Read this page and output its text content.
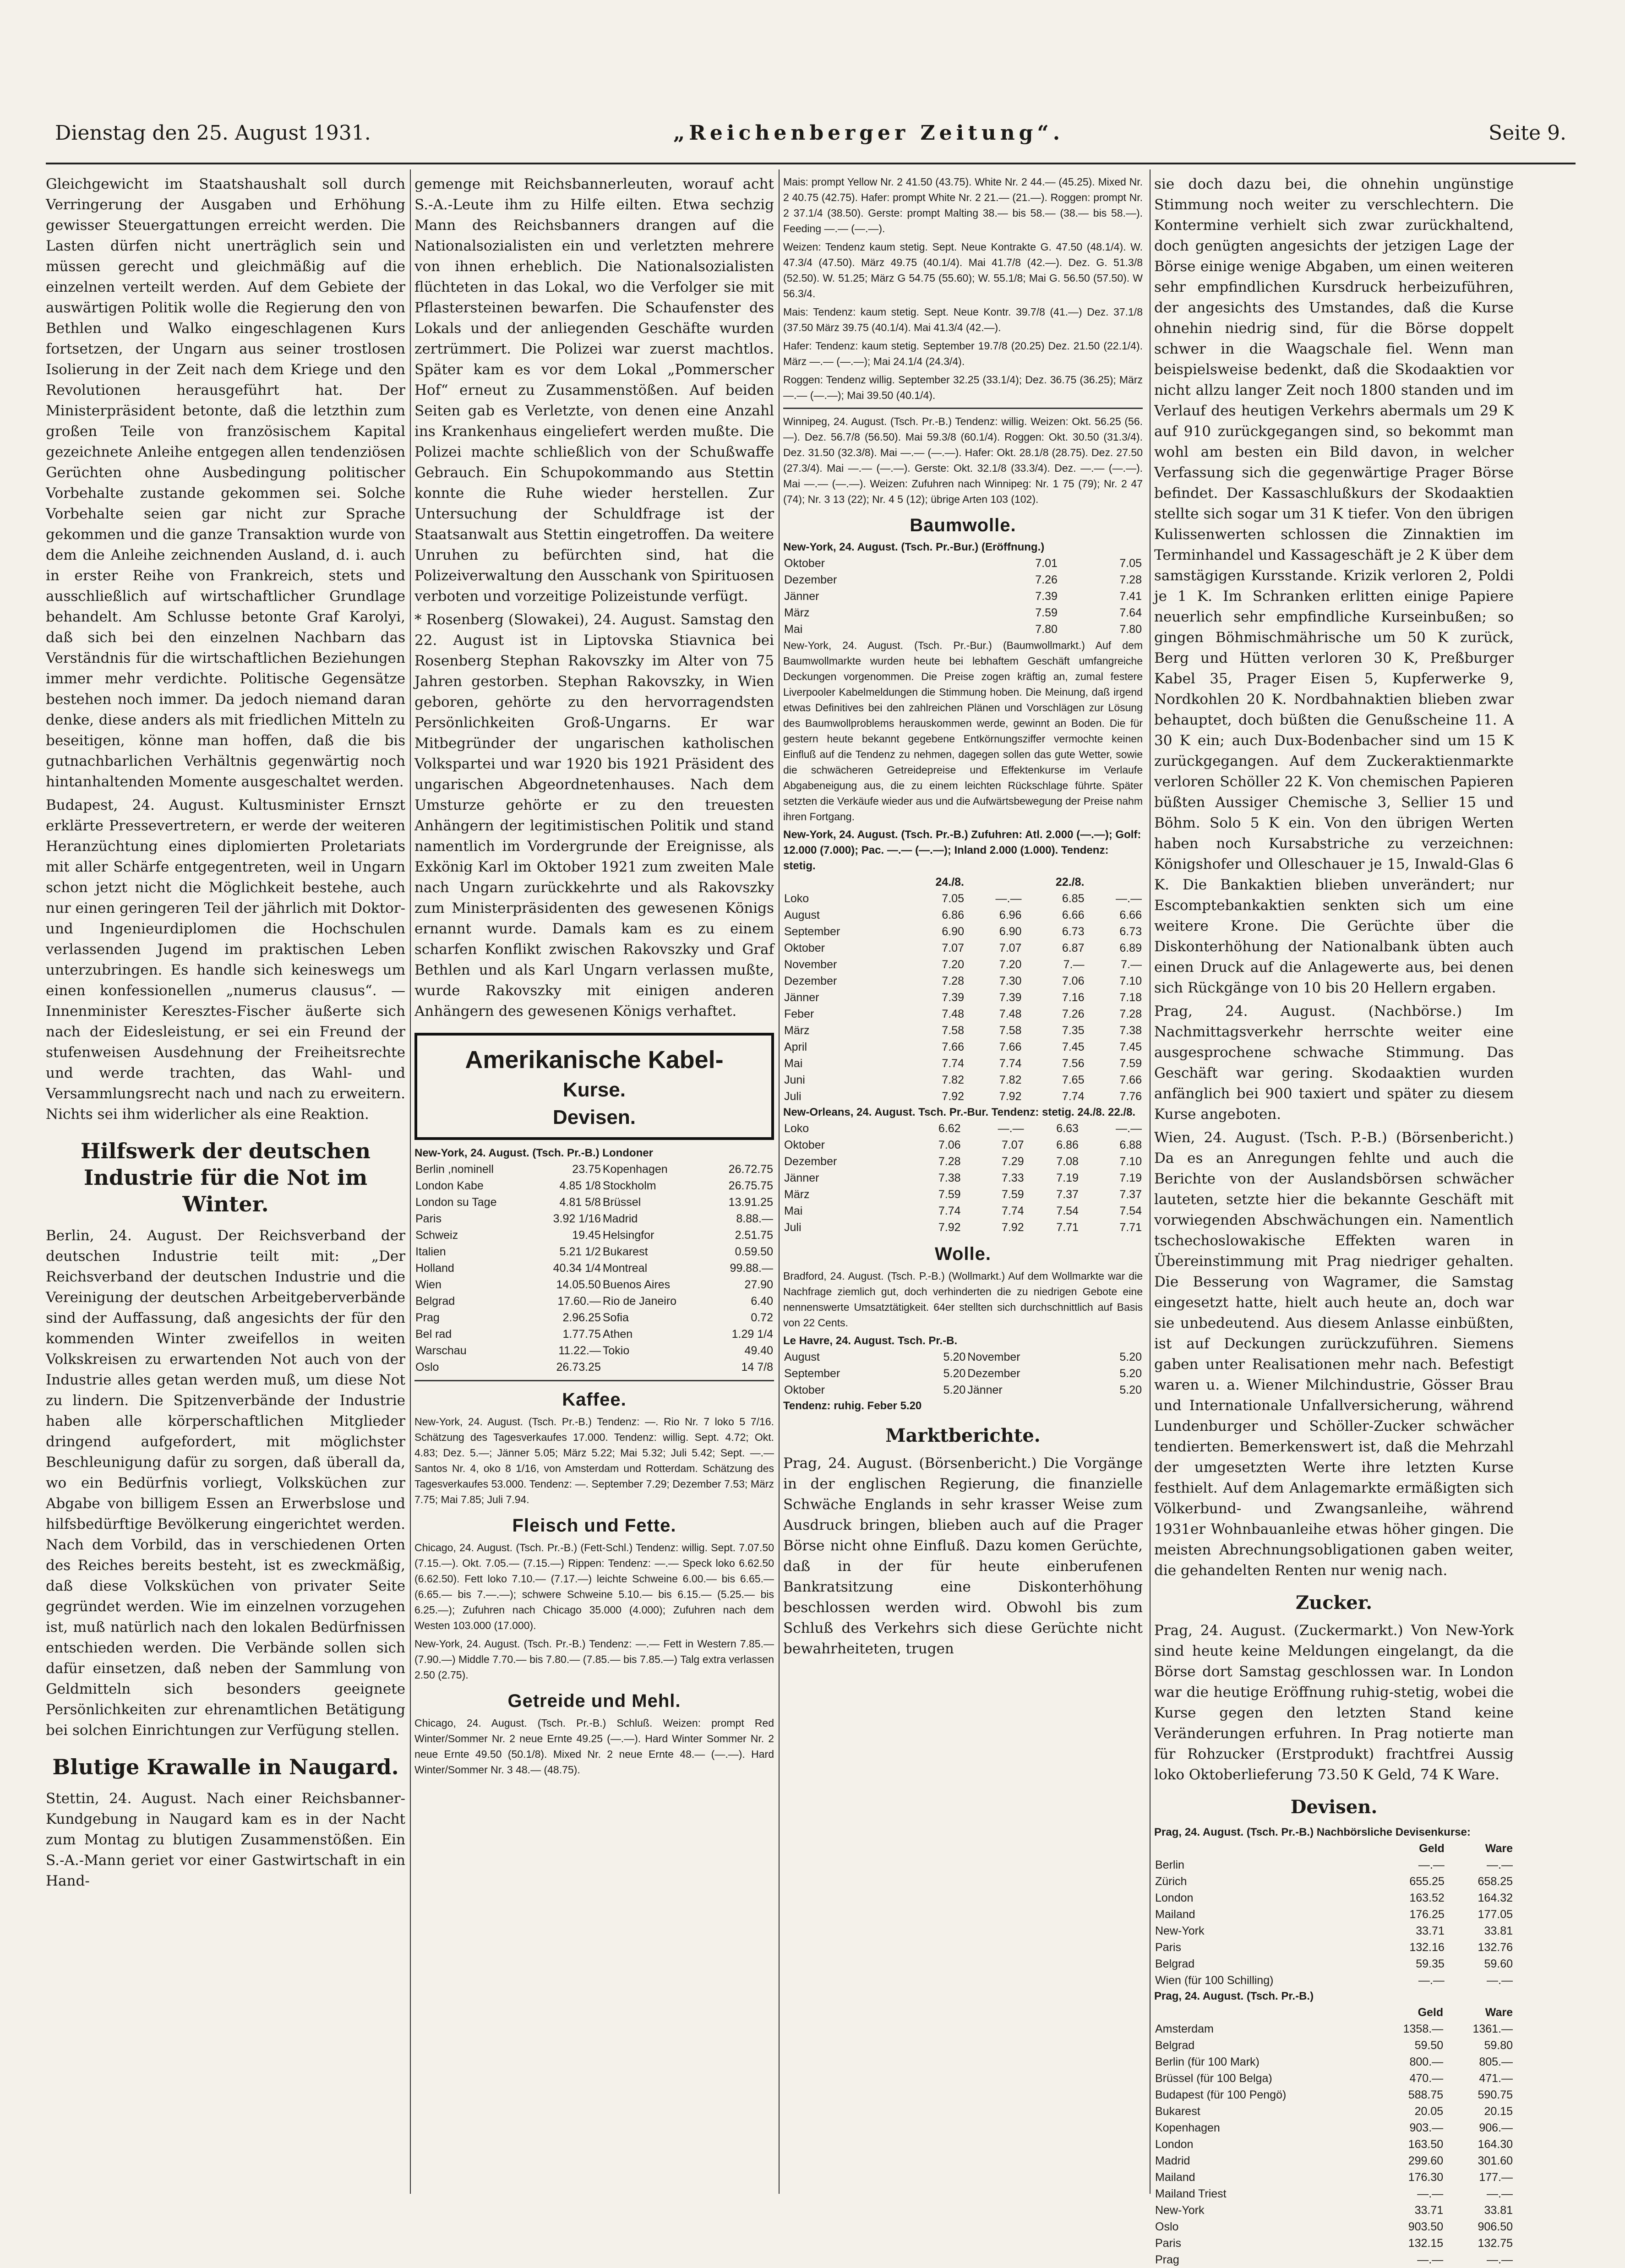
Dienstag den 25. August 1931.	„Reichenberger Zeitung“.	Seite 9.

Gleichgewicht im Staatshaushalt soll durch Verringerung der Ausgaben und Erhöhung gewisser Steuergattungen erreicht werden. Die Lasten dürfen nicht unerträglich sein und müssen gerecht und gleichmäßig auf die einzelnen verteilt werden. Auf dem Gebiete der auswärtigen Politik wolle die Regierung den von Bethlen und Walko eingeschlagenen Kurs fortsetzen, der Ungarn aus seiner trostlosen Isolierung in der Zeit nach dem Kriege und den Revolutionen herausgeführt hat. Der Ministerpräsident betonte, daß die letzthin zum großen Teile von französischem Kapital gezeichnete Anleihe entgegen allen tendenziösen Gerüchten ohne Ausbedingung politischer Vorbehalte zustande gekommen sei. Solche Vorbehalte seien gar nicht zur Sprache gekommen und die ganze Transaktion wurde von dem die Anleihe zeichnenden Ausland, d. i. auch in erster Reihe von Frankreich, stets und ausschließlich auf wirtschaftlicher Grundlage behandelt. Am Schlusse betonte Graf Karolyi, daß sich bei den einzelnen Nachbarn das Verständnis für die wirtschaftlichen Beziehungen immer mehr verdichte. Politische Gegensätze bestehen noch immer. Da jedoch niemand daran denke, diese anders als mit friedlichen Mitteln zu beseitigen, könne man hoffen, daß die bis gutnachbarlichen Verhältnis gegenwärtig noch hintanhaltenden Momente ausgeschaltet werden.

Budapest, 24. August. Kultusminister Ernszt erklärte Pressevertretern, er werde der weiteren Heranzüchtung eines diplomierten Proletariats mit aller Schärfe entgegentreten, weil in Ungarn schon jetzt nicht die Möglichkeit bestehe, auch nur einen geringeren Teil der jährlich mit Doktor- und Ingenieurdiplomen die Hochschulen verlassenden Jugend im praktischen Leben unterzubringen. Es handle sich keineswegs um einen konfessionellen „numerus clausus“. — Innenminister Keresztes-Fischer äußerte sich nach der Eidesleistung, er sei ein Freund der stufenweisen Ausdehnung der Freiheitsrechte und werde trachten, das Wahl- und Versammlungsrecht nach und nach zu erweitern. Nichts sei ihm widerlicher als eine Reaktion.

Hilfswerk der deutschen Industrie für die Not im Winter.

Berlin, 24. August. Der Reichsverband der deutschen Industrie teilt mit: „Der Reichsverband der deutschen Industrie und die Vereinigung der deutschen Arbeitgeberverbände sind der Auffassung, daß angesichts der für den kommenden Winter zweifellos in weiten Volkskreisen zu erwartenden Not auch von der Industrie alles getan werden muß, um diese Not zu lindern. Die Spitzenverbände der Industrie haben alle körperschaftlichen Mitglieder dringend aufgefordert, mit möglichster Beschleunigung dafür zu sorgen, daß überall da, wo ein Bedürfnis vorliegt, Volksküchen zur Abgabe von billigem Essen an Erwerbslose und hilfsbedürftige Bevölkerung eingerichtet werden. Nach dem Vorbild, das in verschiedenen Orten des Reiches bereits besteht, ist es zweckmäßig, daß diese Volksküchen von privater Seite gegründet werden. Wie im einzelnen vorzugehen ist, muß natürlich nach den lokalen Bedürfnissen entschieden werden. Die Verbände sollen sich dafür einsetzen, daß neben der Sammlung von Geldmitteln sich besonders geeignete Persönlichkeiten zur ehrenamtlichen Betätigung bei solchen Einrichtungen zur Verfügung stellen.

Blutige Krawalle in Naugard.

Stettin, 24. August. Nach einer Reichsbanner-Kundgebung in Naugard kam es in der Nacht zum Montag zu blutigen Zusammenstößen. Ein S.-A.-Mann geriet vor einer Gastwirtschaft in ein Hand-

gemenge mit Reichsbannerleuten, worauf acht S.-A.-Leute ihm zu Hilfe eilten. Etwa sechzig Mann des Reichsbanners drangen auf die Nationalsozialisten ein und verletzten mehrere von ihnen erheblich. Die Nationalsozialisten flüchteten in das Lokal, wo die Verfolger sie mit Pflastersteinen bewarfen. Die Schaufenster des Lokals und der anliegenden Geschäfte wurden zertrümmert. Die Polizei war zuerst machtlos. Später kam es vor dem Lokal „Pommerscher Hof“ erneut zu Zusammenstößen. Auf beiden Seiten gab es Verletzte, von denen eine Anzahl ins Krankenhaus eingeliefert werden mußte. Die Polizei machte schließlich von der Schußwaffe Gebrauch. Ein Schupokommando aus Stettin konnte die Ruhe wieder herstellen. Zur Untersuchung der Schuldfrage ist der Staatsanwalt aus Stettin eingetroffen. Da weitere Unruhen zu befürchten sind, hat die Polizeiverwaltung den Ausschank von Spirituosen verboten und vorzeitige Polizeistunde verfügt.

* Rosenberg (Slowakei), 24. August. Samstag den 22. August ist in Liptovska Stiavnica bei Rosenberg Stephan Rakovszky im Alter von 75 Jahren gestorben. Stephan Rakovszky, in Wien geboren, gehörte zu den hervorragendsten Persönlichkeiten Groß-Ungarns. Er war Mitbegründer der ungarischen katholischen Volkspartei und war 1920 bis 1921 Präsident des ungarischen Abgeordnetenhauses. Nach dem Umsturze gehörte er zu den treuesten Anhängern der legitimistischen Politik und stand namentlich im Vordergrunde der Ereignisse, als Exkönig Karl im Oktober 1921 zum zweiten Male nach Ungarn zurückkehrte und als Rakovszky zum Ministerpräsidenten des gewesenen Königs ernannt wurde. Damals kam es zu einem scharfen Konflikt zwischen Rakovszky und Graf Bethlen und als Karl Ungarn verlassen mußte, wurde Rakovszky mit einigen anderen Anhängern des gewesenen Königs verhaftet.

Amerikanische Kabel-
Kurse.
Devisen.
New-York, 24. August. (Tsch. Pr.-B.) Londoner
Berlin ,nominell	23.75	Kopenhagen	26.72.75
London Kabe	4.85 1/8	Stockholm	26.75.75
London su Tage	4.81 5/8	Brüssel	13.91.25
Paris	3.92 1/16	Madrid	8.88.—
Schweiz	19.45	Helsingfor	2.51.75
Italien	5.21 1/2	Bukarest	0.59.50
Holland	40.34 1/4	Montreal	99.88.—
Wien	14.05.50	Buenos Aires	27.90
Belgrad	17.60.—	Rio de Janeiro	6.40
Prag	2.96.25	Sofia	0.72
Bel rad	1.77.75	Athen	1.29 1/4
Warschau	11.22.—	Tokio	49.40
Oslo	26.73.25		14 7/8
Kaffee.

New-York, 24. August. (Tsch. Pr.-B.) Tendenz: —. Rio Nr. 7 loko 5 7/16. Schätzung des Tagesverkaufes 17.000. Tendenz: willig. Sept. 4.72; Okt. 4.83; Dez. 5.—; Jänner 5.05; März 5.22; Mai 5.32; Juli 5.42; Sept. —.— Santos Nr. 4, oko 8 1/16, von Amsterdam und Rotterdam. Schätzung des Tagesverkaufes 53.000. Tendenz: —. September 7.29; Dezember 7.53; März 7.75; Mai 7.85; Juli 7.94.

Fleisch und Fette.

Chicago, 24. August. (Tsch. Pr.-B.) (Fett-Schl.) Tendenz: willig. Sept. 7.07.50 (7.15.—). Okt. 7.05.— (7.15.—) Rippen: Tendenz: —.— Speck loko 6.62.50 (6.62.50). Fett loko 7.10.— (7.17.—) leichte Schweine 6.00.— bis 6.65.— (6.65.— bis 7.—.—); schwere Schweine 5.10.— bis 6.15.— (5.25.— bis 6.25.—); Zufuhren nach Chicago 35.000 (4.000); Zufuhren nach dem Westen 103.000 (17.000).

New-York, 24. August. (Tsch. Pr.-B.) Tendenz: —.— Fett in Western 7.85.— (7.90.—) Middle 7.70.— bis 7.80.— (7.85.— bis 7.85.—) Talg extra verlassen 2.50 (2.75).

Getreide und Mehl.

Chicago, 24. August. (Tsch. Pr.-B.) Schluß. Weizen: prompt Red Winter/Sommer Nr. 2 neue Ernte 49.25 (—.—). Hard Winter Sommer Nr. 2 neue Ernte 49.50 (50.1/8). Mixed Nr. 2 neue Ernte 48.— (—.—). Hard Winter/Sommer Nr. 3 48.— (48.75).

Mais: prompt Yellow Nr. 2 41.50 (43.75). White Nr. 2 44.— (45.25). Mixed Nr. 2 40.75 (42.75). Hafer: prompt White Nr. 2 21.— (21.—). Roggen: prompt Nr. 2 37.1/4 (38.50). Gerste: prompt Malting 38.— bis 58.— (38.— bis 58.—). Feeding —.— (—.—).

Weizen: Tendenz kaum stetig. Sept. Neue Kontrakte G. 47.50 (48.1/4). W. 47.3/4 (47.50). März 49.75 (40.1/4). Mai 41.7/8 (42.—). Dez. G. 51.3/8 (52.50). W. 51.25; März G 54.75 (55.60); W. 55.1/8; Mai G. 56.50 (57.50). W 56.3/4.

Mais: Tendenz: kaum stetig. Sept. Neue Kontr. 39.7/8 (41.—) Dez. 37.1/8 (37.50 März 39.75 (40.1/4). Mai 41.3/4 (42.—).

Hafer: Tendenz: kaum stetig. September 19.7/8 (20.25) Dez. 21.50 (22.1/4). März —.— (—.—); Mai 24.1/4 (24.3/4).

Roggen: Tendenz willig. September 32.25 (33.1/4); Dez. 36.75 (36.25); März —.— (—.—); Mai 39.50 (40.1/4).

Winnipeg, 24. August. (Tsch. Pr.-B.) Tendenz: willig. Weizen: Okt. 56.25 (56.—). Dez. 56.7/8 (56.50). Mai 59.3/8 (60.1/4). Roggen: Okt. 30.50 (31.3/4). Dez. 31.50 (32.3/8). Mai —.— (—.—). Hafer: Okt. 28.1/8 (28.75). Dez. 27.50 (27.3/4). Mai —.— (—.—). Gerste: Okt. 32.1/8 (33.3/4). Dez. —.— (—.—). Mai —.— (—.—). Weizen: Zufuhren nach Winnipeg: Nr. 1 75 (79); Nr. 2 47 (74); Nr. 3 13 (22); Nr. 4 5 (12); übrige Arten 103 (102).

Baumwolle.
New-York, 24. August. (Tsch. Pr.-Bur.) (Eröffnung.)
Oktober	7.01	7.05
Dezember	7.26	7.28
Jänner	7.39	7.41
März	7.59	7.64
Mai	7.80	7.80

New-York, 24. August. (Tsch. Pr.-Bur.) (Baumwollmarkt.) Auf dem Baumwollmarkte wurden heute bei lebhaftem Geschäft umfangreiche Deckungen vorgenommen. Die Preise zogen kräftig an, zumal festere Liverpooler Kabelmeldungen die Stimmung hoben. Die Meinung, daß irgend etwas Definitives bei den zahlreichen Plänen und Vorschlägen zur Lösung des Baumwollproblems herauskommen werde, gewinnt an Boden. Die für gestern heute bekannt gegebene Entkörnungsziffer vermochte keinen Einfluß auf die Tendenz zu nehmen, dagegen sollen das gute Wetter, sowie die schwächeren Getreidepreise und Effektenkurse im Verlaufe Abgabeneigung aus, die zu einem leichten Rückschlage führte. Später setzten die Verkäufe wieder aus und die Aufwärtsbewegung der Preise nahm ihren Fortgang.

New-York, 24. August. (Tsch. Pr.-B.) Zufuhren: Atl. 2.000 (—.—); Golf: 12.000 (7.000); Pac. —.— (—.—); Inland 2.000 (1.000). Tendenz: stetig.
	24./8.		22./8.	
Loko	7.05	—.—	6.85	—.—
August	6.86	6.96	6.66	6.66
September	6.90	6.90	6.73	6.73
Oktober	7.07	7.07	6.87	6.89
November	7.20	7.20	7.—	7.—
Dezember	7.28	7.30	7.06	7.10
Jänner	7.39	7.39	7.16	7.18
Feber	7.48	7.48	7.26	7.28
März	7.58	7.58	7.35	7.38
April	7.66	7.66	7.45	7.45
Mai	7.74	7.74	7.56	7.59
Juni	7.82	7.82	7.65	7.66
Juli	7.92	7.92	7.74	7.76
New-Orleans, 24. August. Tsch. Pr.-Bur. Tendenz: stetig. 24./8. 22./8.
Loko	6.62	—.—	6.63	—.—
Oktober	7.06	7.07	6.86	6.88
Dezember	7.28	7.29	7.08	7.10
Jänner	7.38	7.33	7.19	7.19
März	7.59	7.59	7.37	7.37
Mai	7.74	7.74	7.54	7.54
Juli	7.92	7.92	7.71	7.71
Wolle.

Bradford, 24. August. (Tsch. P.-B.) (Wollmarkt.) Auf dem Wollmarkte war die Nachfrage ziemlich gut, doch verhinderten die zu niedrigen Gebote eine nennenswerte Umsatztätigkeit. 64er stellten sich durchschnittlich auf Basis von 22 Cents.

Le Havre, 24. August. Tsch. Pr.-B.
August	5.20	November	5.20
September	5.20	Dezember	5.20
Oktober	5.20	Jänner	5.20
Tendenz: ruhig. Feber 5.20
Marktberichte.

Prag, 24. August. (Börsenbericht.) Die Vorgänge in der englischen Regierung, die finanzielle Schwäche Englands in sehr krasser Weise zum Ausdruck bringen, blieben auch auf die Prager Börse nicht ohne Einfluß. Dazu komen Gerüchte, daß in der für heute einberufenen Bankratsitzung eine Diskonterhöhung beschlossen werden wird. Obwohl bis zum Schluß des Verkehrs sich diese Gerüchte nicht bewahrheiteten, trugen

sie doch dazu bei, die ohnehin ungünstige Stimmung noch weiter zu verschlechtern. Die Kontermine verhielt sich zwar zurückhaltend, doch genügten angesichts der jetzigen Lage der Börse einige wenige Abgaben, um einen weiteren sehr empfindlichen Kursdruck herbeizuführen, der angesichts des Umstandes, daß die Kurse ohnehin niedrig sind, für die Börse doppelt schwer in die Waagschale fiel. Wenn man beispielsweise bedenkt, daß die Skodaaktien vor nicht allzu langer Zeit noch 1800 standen und im Verlauf des heutigen Verkehrs abermals um 29 K auf 910 zurückgegangen sind, so bekommt man wohl am besten ein Bild davon, in welcher Verfassung sich die gegenwärtige Prager Börse befindet. Der Kassaschlußkurs der Skodaaktien stellte sich sogar um 31 K tiefer. Von den übrigen Kulissenwerten schlossen die Zinnaktien im Terminhandel und Kassageschäft je 2 K über dem samstägigen Kursstande. Krizik verloren 2, Poldi je 1 K. Im Schranken erlitten einige Papiere neuerlich sehr empfindliche Kurseinbußen; so gingen Böhmischmährische um 50 K zurück, Berg und Hütten verloren 30 K, Preßburger Kabel 35, Prager Eisen 5, Kupferwerke 9, Nordkohlen 20 K. Nordbahnaktien blieben zwar behauptet, doch büßten die Genußscheine 11. A 30 K ein; auch Dux-Bodenbacher sind um 15 K zurückgegangen. Auf dem Zuckeraktienmarkte verloren Schöller 22 K. Von chemischen Papieren büßten Aussiger Chemische 3, Sellier 15 und Böhm. Solo 5 K ein. Von den übrigen Werten haben noch Kursabstriche zu verzeichnen: Königshofer und Olleschauer je 15, Inwald-Glas 6 K. Die Bankaktien blieben unverändert; nur Escomptebankaktien senkten sich um eine weitere Krone. Die Gerüchte über die Diskonterhöhung der Nationalbank übten auch einen Druck auf die Anlagewerte aus, bei denen sich Rückgänge von 10 bis 20 Hellern ergaben.

Prag, 24. August. (Nachbörse.) Im Nachmittagsverkehr herrschte weiter eine ausgesprochene schwache Stimmung. Das Geschäft war gering. Skodaaktien wurden anfänglich bei 900 taxiert und später zu diesem Kurse angeboten.

Wien, 24. August. (Tsch. P.-B.) (Börsenbericht.) Da es an Anregungen fehlte und auch die Berichte von der Auslandsbörsen schwächer lauteten, setzte hier die bekannte Geschäft mit vorwiegenden Abschwächungen ein. Namentlich tschechoslowakische Effekten waren in Übereinstimmung mit Prag niedriger gehalten. Die Besserung von Wagramer, die Samstag eingesetzt hatte, hielt auch heute an, doch war sie unbedeutend. Aus diesem Anlasse einbüßten, ist auf Deckungen zurückzuführen. Siemens gaben unter Realisationen mehr nach. Befestigt waren u. a. Wiener Milchindustrie, Gösser Brau und Internationale Unfallversicherung, während Lundenburger und Schöller-Zucker schwächer tendierten. Bemerkenswert ist, daß die Mehrzahl der umgesetzten Werte ihre letzten Kurse festhielt. Auf dem Anlagemarkte ermäßigten sich Völkerbund- und Zwangsanleihe, während 1931er Wohnbauanleihe etwas höher gingen. Die meisten Abrechnungsobligationen gaben weiter, die gehandelten Renten nur wenig nach.

Zucker.

Prag, 24. August. (Zuckermarkt.) Von New-York sind heute keine Meldungen eingelangt, da die Börse dort Samstag geschlossen war. In London war die heutige Eröffnung ruhig-stetig, wobei die Kurse gegen den letzten Stand keine Veränderungen erfuhren. In Prag notierte man für Rohzucker (Erstprodukt) frachtfrei Aussig loko Oktoberlieferung 73.50 K Geld, 74 K Ware.

Devisen.
Prag, 24. August. (Tsch. Pr.-B.) Nachbörsliche Devisenkurse:
	Geld	Ware
Berlin	—.—	—.—
Zürich	655.25	658.25
London	163.52	164.32
Mailand	176.25	177.05
New-York	33.71	33.81
Paris	132.16	132.76
Belgrad	59.35	59.60
Wien (für 100 Schilling)	—.—	—.—
Prag, 24. August. (Tsch. Pr.-B.)
	Geld	Ware
Amsterdam	1358.—	1361.—
Belgrad	59.50	59.80
Berlin (für 100 Mark)	800.—	805.—
Brüssel (für 100 Belga)	470.—	471.—
Budapest (für 100 Pengö)	588.75	590.75
Bukarest	20.05	20.15
Kopenhagen	903.—	906.—
London	163.50	164.30
Madrid	299.60	301.60
Mailand	176.30	177.—
Mailand Triest	—.—	—.—
New-York	33.71	33.81
Oslo	903.50	906.50
Paris	132.15	132.75
Prag	—.—	—.—
